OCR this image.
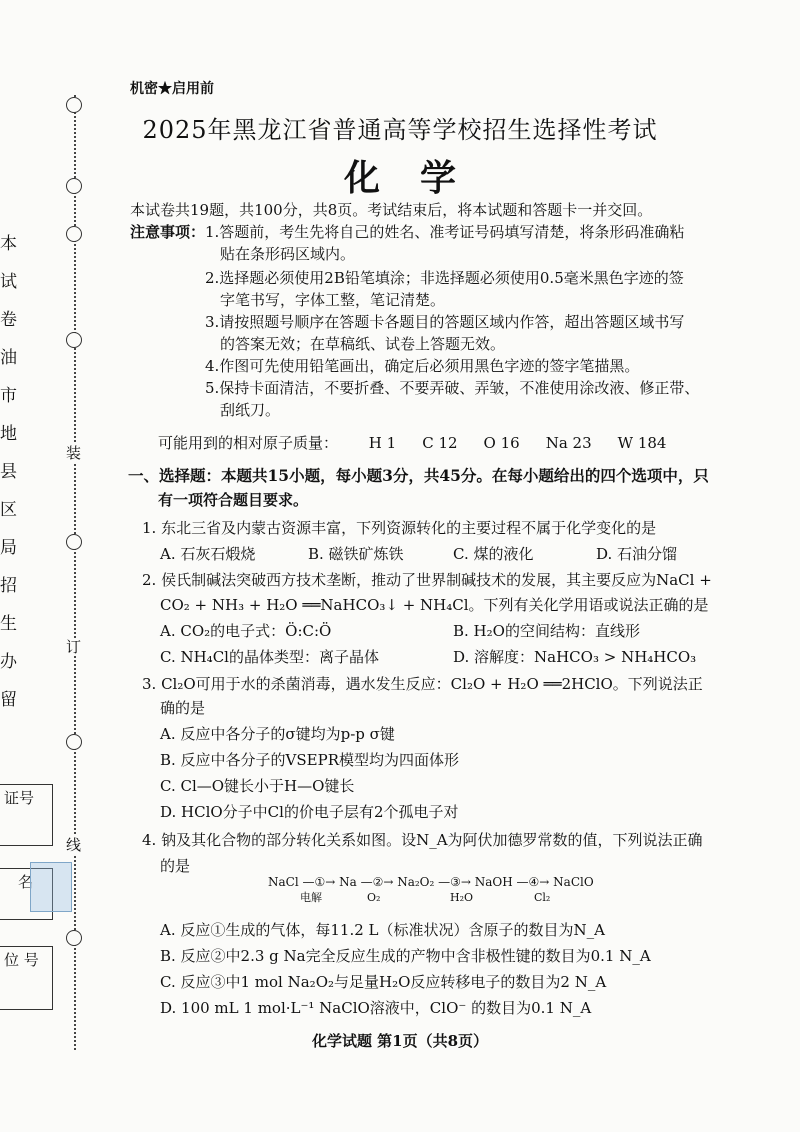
装
订
线
本
试
卷
油
市
地
县
区
局
招
生
办
留
证号
名
位 号
机密★启用前
2025年黑龙江省普通高等学校招生选择性考试
化学
本试卷共19题，共100分，共8页。考试结束后，将本试题和答题卡一并交回。
注意事项： 1.答题前，考生先将自己的姓名、准考证号码填写清楚，将条形码准确粘
贴在条形码区域内。
2.选择题必须使用2B铅笔填涂；非选择题必须使用0.5毫米黑色字迹的签
字笔书写，字体工整，笔记清楚。
3.请按照题号顺序在答题卡各题目的答题区域内作答，超出答题区域书写
的答案无效；在草稿纸、试卷上答题无效。
4.作图可先使用铅笔画出，确定后必须用黑色字迹的签字笔描黑。
5.保持卡面清洁，不要折叠、不要弄破、弄皱，不准使用涂改液、修正带、
刮纸刀。
可能用到的相对原子质量： H 1 C 12 O 16 Na 23 W 184
一、选择题：本题共15小题，每小题3分，共45分。在每小题给出的四个选项中，只
有一项符合题目要求。
1. 东北三省及内蒙古资源丰富，下列资源转化的主要过程不属于化学变化的是
A. 石灰石煅烧	B. 磁铁矿炼铁	C. 煤的液化	D. 石油分馏
2. 侯氏制碱法突破西方技术垄断，推动了世界制碱技术的发展，其主要反应为NaCl +
CO₂ + NH₃ + H₂O ══NaHCO₃↓ + NH₄Cl。下列有关化学用语或说法正确的是
A. CO₂的电子式：Ö:C:Ö	B. H₂O的空间结构：直线形
C. NH₄Cl的晶体类型：离子晶体	D. 溶解度：NaHCO₃ > NH₄HCO₃
3. Cl₂O可用于水的杀菌消毒，遇水发生反应：Cl₂O + H₂O ══2HClO。下列说法正
确的是
A. 反应中各分子的σ键均为p-p σ键
B. 反应中各分子的VSEPR模型均为四面体形
C. Cl—O键长小于H—O键长
D. HClO分子中Cl的价电子层有2个孤电子对
4. 钠及其化合物的部分转化关系如图。设N_A为阿伏加德罗常数的值，下列说法正确
的是
NaCl —①→ Na —②→ Na₂O₂ —③→ NaOH —④→ NaClO
电解	O₂	H₂O	Cl₂
A. 反应①生成的气体，每11.2 L（标准状况）含原子的数目为N_A
B. 反应②中2.3 g Na完全反应生成的产物中含非极性键的数目为0.1 N_A
C. 反应③中1 mol Na₂O₂与足量H₂O反应转移电子的数目为2 N_A
D. 100 mL 1 mol·L⁻¹ NaClO溶液中，ClO⁻ 的数目为0.1 N_A
化学试题 第1页（共8页）
